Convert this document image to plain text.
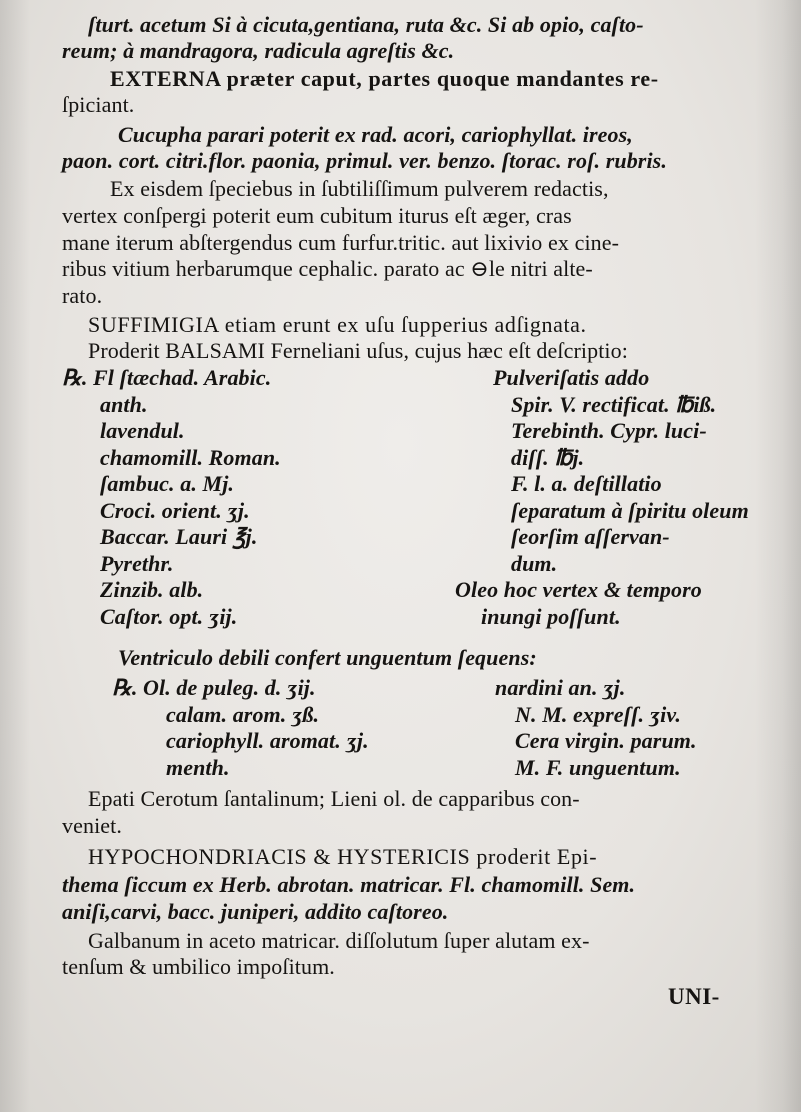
ſturt. acetum Si à cicuta,gentiana, ruta &c. Si ab opio, caſto-
reum; à mandragora, radicula agreſtis &c.
EXTERNA præter caput, partes quoque mandantes re-
ſpiciant.
Cucupha parari poterit ex rad. acori, cariophyllat. ireos,
paon. cort. citri.flor. paonia, primul. ver. benzo. ſtorac. roſ. rubris.
Ex eisdem ſpeciebus in ſubtiliſſimum pulverem redactis,
vertex conſpergi poterit eum cubitum iturus eſt æger, cras
mane iterum abſtergendus cum furfur.tritic. aut lixivio ex cine-
ribus vitium herbarumque cephalic. parato ac ⊖le nitri alte-
rato.
SUFFIMIGIA etiam erunt ex uſu ſupperius adſignata.
Proderit BALSAMI Ferneliani uſus, cujus hæc eſt deſcriptio:
℞. Fl ſtæchad. Arabic.
anth.
lavendul.
chamomill. Roman.
ſambuc. a. Mj.
Croci. orient. ʒj.
Baccar. Lauri ℥j.
Pyrethr.
Zinzib. alb.
Caſtor. opt. ʒij.
Pulveriſatis addo
Spir. V. rectificat. ℔iß.
Terebinth. Cypr. luci-
diſſ. ℔j.
F. l. a. deſtillatio
ſeparatum à ſpiritu oleum
ſeorſim aſſervan-
dum.
Oleo hoc vertex & temporo
inungi poſſunt.
Ventriculo debili confert unguentum ſequens:
℞. Ol. de puleg. d. ʒij.
calam. arom. ʒß.
cariophyll. aromat. ʒj.
menth.
nardini an. ʒj.
N. M. expreſſ. ʒiv.
Cera virgin. parum.
M. F. unguentum.
Epati Cerotum ſantalinum; Lieni ol. de capparibus con-
veniet.
HYPOCHONDRIACIS & HYSTERICIS proderit Epi-
thema ſiccum ex Herb. abrotan. matricar. Fl. chamomill. Sem.
aniſi,carvi, bacc. juniperi, addito caſtoreo.
Galbanum in aceto matricar. diſſolutum ſuper alutam ex-
tenſum & umbilico impoſitum.
UNI-
